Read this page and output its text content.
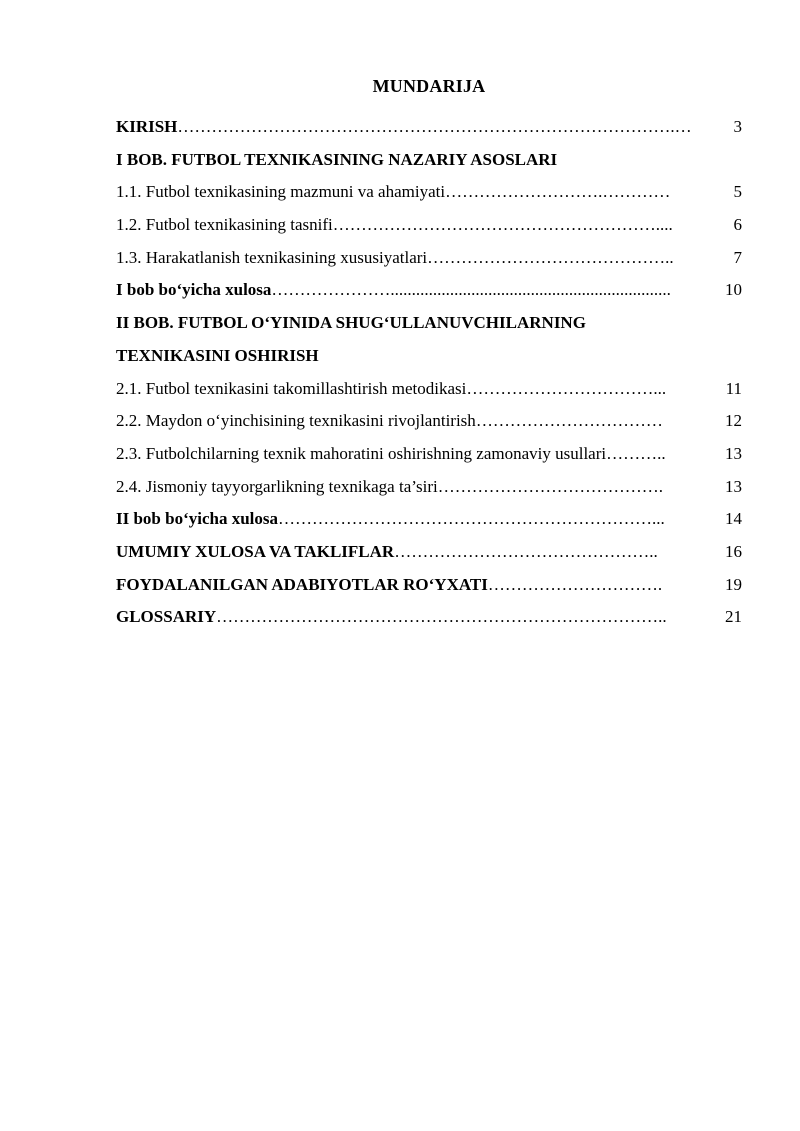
MUNDARIJA
KIRISH …………………………………………………………………………….…	3
I BOB. FUTBOL TEXNIKASINING NAZARIY ASOSLARI
1.1. Futbol texnikasining mazmuni va ahamiyati ……………………….…………	5
1.2. Futbol texnikasining tasnifi …………………………………………………....	6
1.3. Harakatlanish texnikasining xususiyatlari ……………………………………..	7
I bob bo‘yicha xulosa …………………..................................................................	10
II BOB. FUTBOL O‘YINIDA SHUG‘ULLANUVCHILARNING
TEXNIKASINI OSHIRISH
2.1. Futbol texnikasini takomillashtirish metodikasi ……………………………...	11
2.2. Maydon o‘yinchisining texnikasini rivojlantirish ……………………………	12
2.3. Futbolchilarning texnik mahoratini oshirishning zamonaviy usullari ………..	13
2.4. Jismoniy tayyorgarlikning texnikaga ta’siri ………………………………….	13
II bob bo‘yicha xulosa …………………………………………………………...	14
UMUMIY XULOSA VA TAKLIFLAR ………………………………………..	16
FOYDALANILGAN ADABIYOTLAR RO‘YXATI ………………………….	19
GLOSSARIY ……………………………………………………………………..	21
